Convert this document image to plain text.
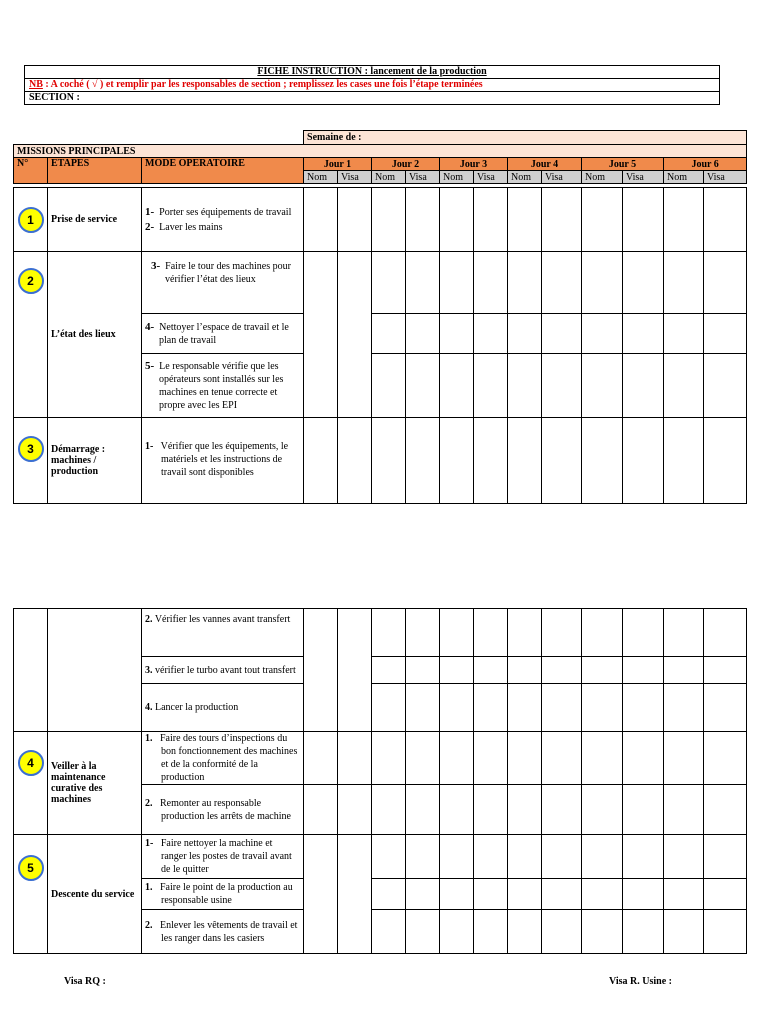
FICHE INSTRUCTION : lancement de la production
NB : A coché ( √ ) et remplir par les responsables de section ; remplissez les cases une fois l’étape terminées
SECTION :
			Semaine de :											
MISSIONS PRINCIPALES														
N°	ETAPES	MODE OPERATOIRE	Jour 1		Jour 2		Jour 3		Jour 4		Jour 5		Jour 6	
			Nom	Visa	Nom	Visa	Nom	Visa	Nom	Visa	Nom	Visa	Nom	Visa

1	Prise de service	1- Porter ses équipements de travail
2- Laver les mains												

2	L’état des lieux	3- Faire le tour des machines pour vérifier l’état des lieux												

		4- Nettoyer l’espace de travail et le plan de travail												

		5- Le responsable vérifie que les opérateurs sont installés sur les machines en tenue correcte et propre avec les EPI												

3	Démarrage : machines / production	1- Vérifier que les équipements, le matériels et les instructions de travail sont disponibles												

		2. Vérifier les vannes avant transfert												
		3. vérifier le turbo avant tout transfert												
		4. Lancer la production												
4	Veiller à la maintenance curative des machines	1. Faire des tours d’inspections du bon fonctionnement des machines et de la conformité de la production												

		2. Remonter au responsable production les arrêts de machine												

5	Descente du service	1- Faire nettoyer la machine et ranger les postes de travail avant de le quitter												

		1. Faire le point de la production au responsable usine												

		2. Enlever les vêtements de travail et les ranger dans les casiers												

Visa RQ :	Visa R. Usine :
